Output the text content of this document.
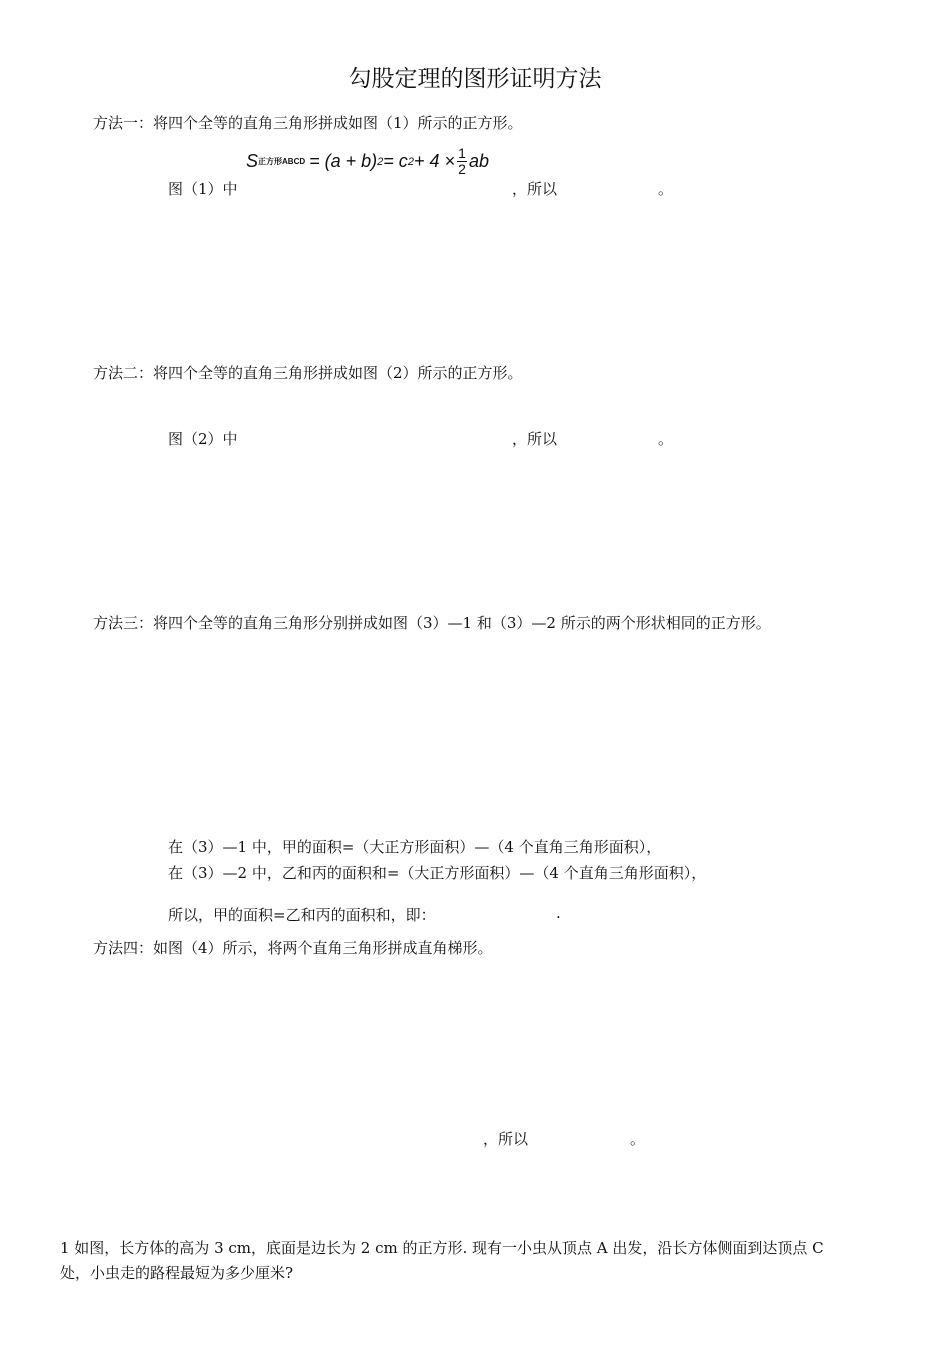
勾股定理的图形证明方法
方法一：将四个全等的直角三角形拼成如图（1）所示的正方形。
图（1）中
S 正方形ABCD = (a + b) 2 = c $2 + 4 \times \frac{1}{2}$ ab
，所以	。
方法二：将四个全等的直角三角形拼成如图（2）所示的正方形。
图（2）中	，所以	。
方法三：将四个全等的直角三角形分别拼成如图（3）—1 和（3）—2 所示的两个形状相同的正方形。
在（3）—1 中，甲的面积=（大正方形面积）—（4 个直角三角形面积），
在（3）—2 中，乙和丙的面积和=（大正方形面积）—（4 个直角三角形面积），
所以，甲的面积=乙和丙的面积和，即：	.
方法四：如图（4）所示，将两个直角三角形拼成直角梯形。
，所以	。
1 如图，长方体的高为 3 cm，底面是边长为 2 cm 的正方形. 现有一小虫从顶点 A 出发，沿长方体侧面到达顶点 C
处，小虫走的路程最短为多少厘米?
